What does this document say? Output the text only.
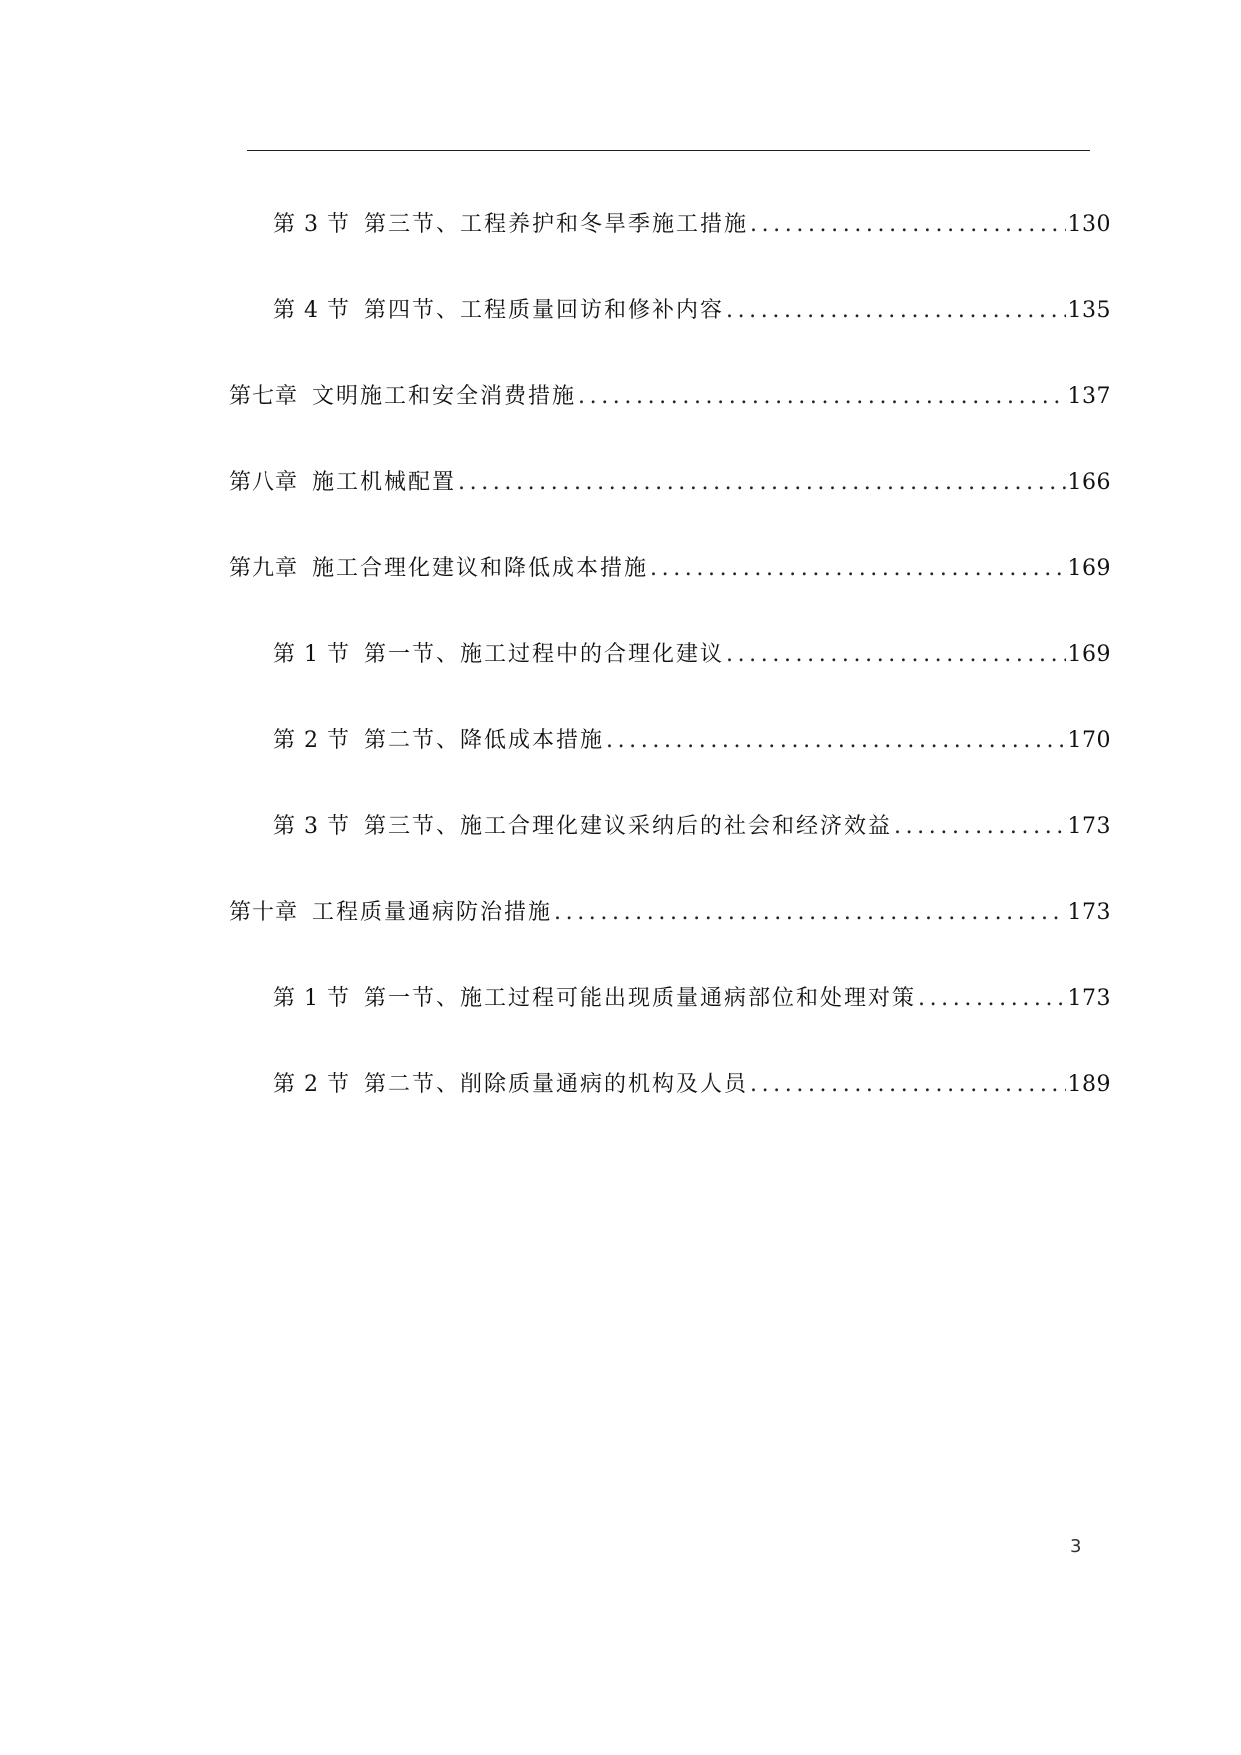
第 3 节 第三节、工程养护和冬旱季施工措施 .....	130
第 4 节 第四节、工程质量回访和修补内容 .....	135
第七章 文明施工和安全消费措施 .....	137
第八章 施工机械配置 .....	166
第九章 施工合理化建议和降低成本措施 .....	169
第 1 节 第一节、施工过程中的合理化建议 .....	169
第 2 节 第二节、降低成本措施 .....	170
第 3 节 第三节、施工合理化建议采纳后的社会和经济效益 .....	173
第十章 工程质量通病防治措施 .....	173
第 1 节 第一节、施工过程可能出现质量通病部位和处理对策 .....	173
第 2 节 第二节、削除质量通病的机构及人员 .....	189
3
